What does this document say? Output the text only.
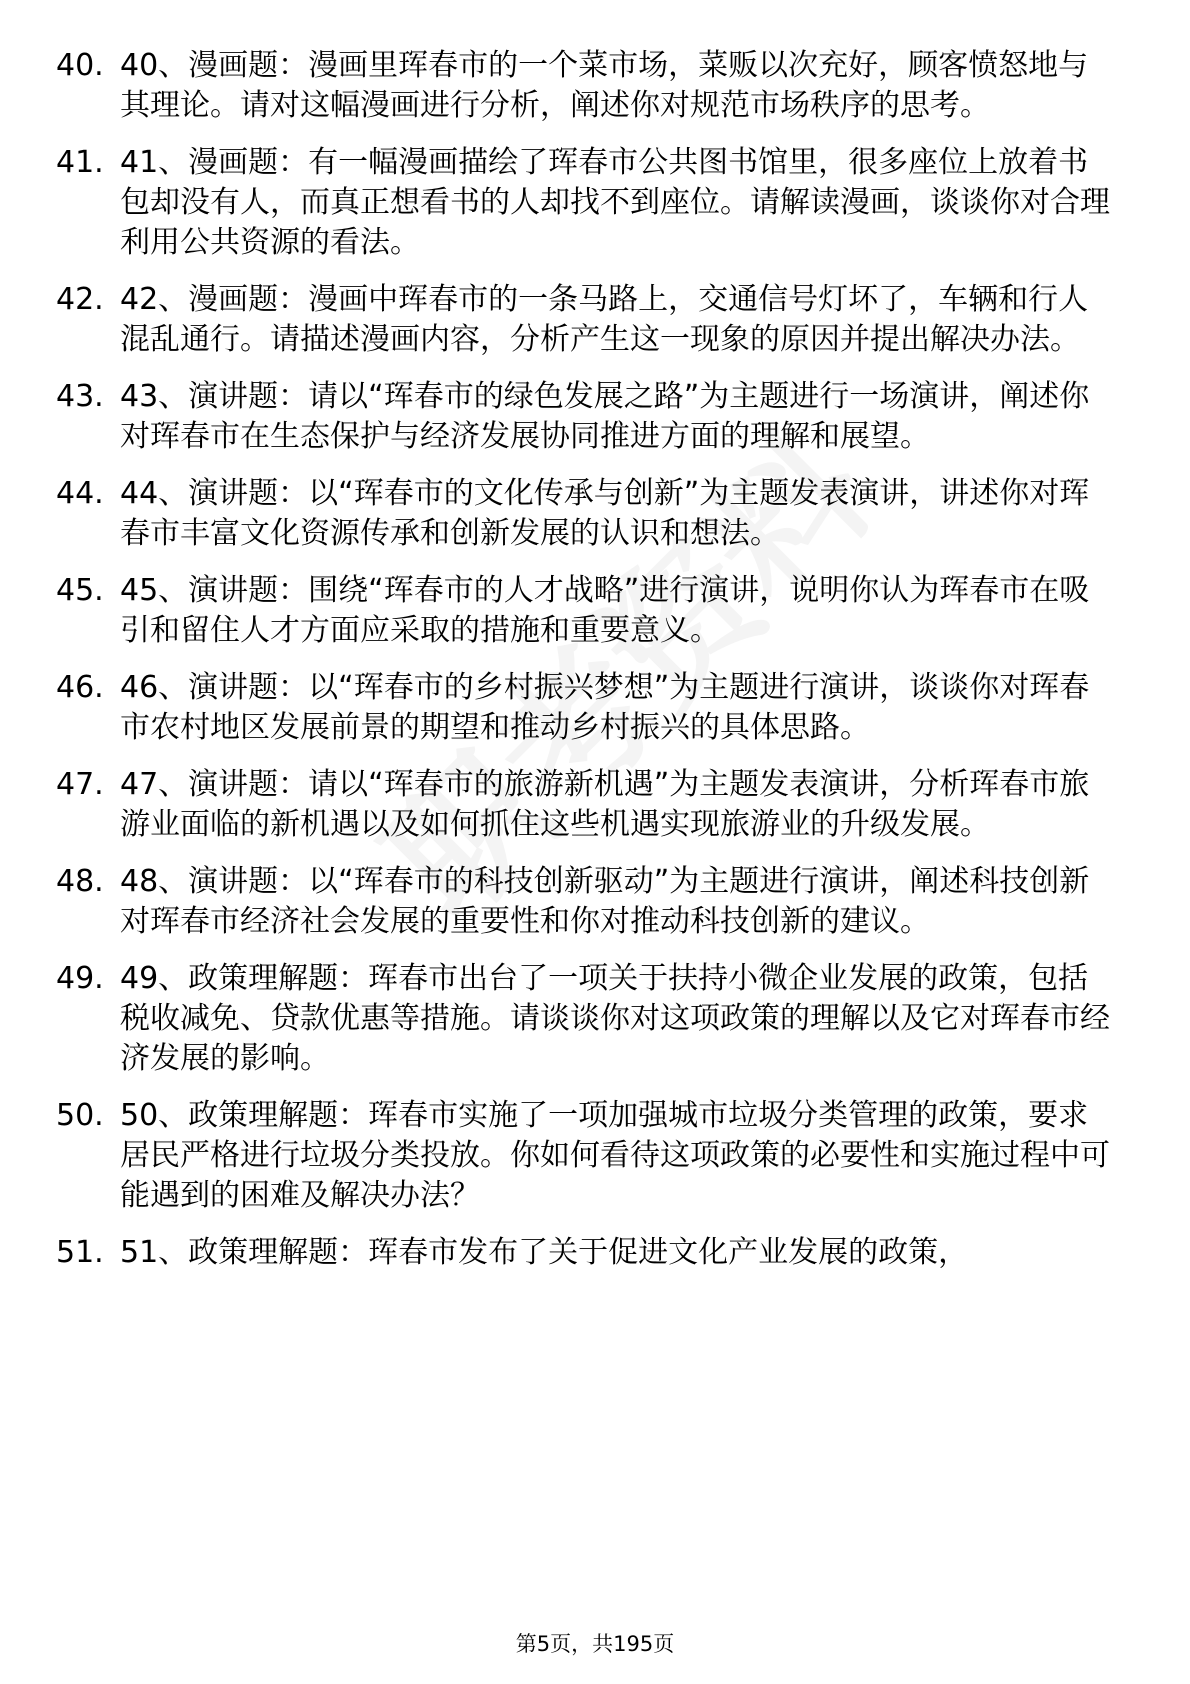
40. 40、漫画题：漫画里珲春市的一个菜市场，菜贩以次充好，顾客愤怒地与其理论。请对这幅漫画进行分析，阐述你对规范市场秩序的思考。
41. 41、漫画题：有一幅漫画描绘了珲春市公共图书馆里，很多座位上放着书包却没有人，而真正想看书的人却找不到座位。请解读漫画，谈谈你对合理利用公共资源的看法。
42. 42、漫画题：漫画中珲春市的一条马路上，交通信号灯坏了，车辆和行人混乱通行。请描述漫画内容，分析产生这一现象的原因并提出解决办法。
43. 43、演讲题：请以“珲春市的绿色发展之路”为主题进行一场演讲，阐述你对珲春市在生态保护与经济发展协同推进方面的理解和展望。
44. 44、演讲题：以“珲春市的文化传承与创新”为主题发表演讲，讲述你对珲春市丰富文化资源传承和创新发展的认识和想法。
45. 45、演讲题：围绕“珲春市的人才战略”进行演讲，说明你认为珲春市在吸引和留住人才方面应采取的措施和重要意义。
46. 46、演讲题：以“珲春市的乡村振兴梦想”为主题进行演讲，谈谈你对珲春市农村地区发展前景的期望和推动乡村振兴的具体思路。
47. 47、演讲题：请以“珲春市的旅游新机遇”为主题发表演讲，分析珲春市旅游业面临的新机遇以及如何抓住这些机遇实现旅游业的升级发展。
48. 48、演讲题：以“珲春市的科技创新驱动”为主题进行演讲，阐述科技创新对珲春市经济社会发展的重要性和你对推动科技创新的建议。
49. 49、政策理解题：珲春市出台了一项关于扶持小微企业发展的政策，包括税收减免、贷款优惠等措施。请谈谈你对这项政策的理解以及它对珲春市经济发展的影响。
50. 50、政策理解题：珲春市实施了一项加强城市垃圾分类管理的政策，要求居民严格进行垃圾分类投放。你如何看待这项政策的必要性和实施过程中可能遇到的困难及解决办法？
51. 51、政策理解题：珲春市发布了关于促进文化产业发展的政策，
第5页，共195页
